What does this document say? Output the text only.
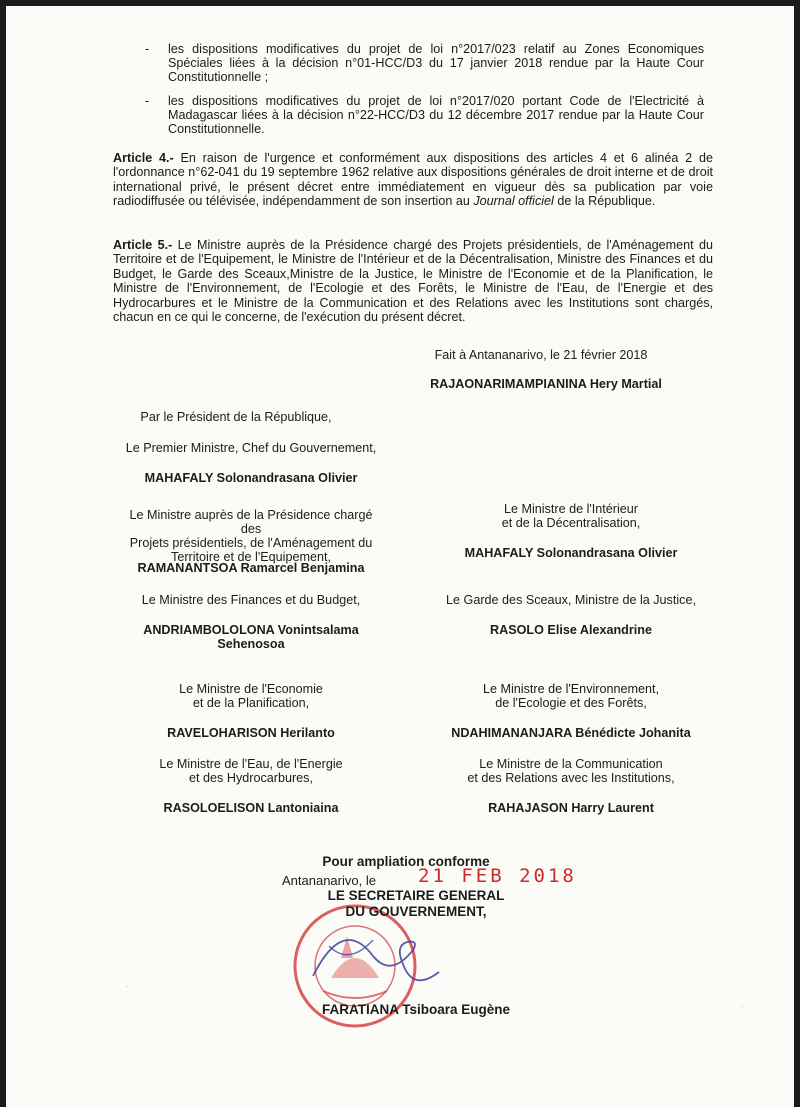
- les dispositions modificatives du projet de loi n°2017/023 relatif au Zones Economiques Spéciales liées à la décision n°01-HCC/D3 du 17 janvier 2018 rendue par la Haute Cour Constitutionnelle ;
- les dispositions modificatives du projet de loi n°2017/020 portant Code de l'Electricité à Madagascar liées à la décision n°22-HCC/D3 du 12 décembre 2017 rendue par la Haute Cour Constitutionnelle.
Article 4.- En raison de l'urgence et conformément aux dispositions des articles 4 et 6 alinéa 2 de l'ordonnance n°62-041 du 19 septembre 1962 relative aux dispositions générales de droit interne et de droit international privé, le présent décret entre immédiatement en vigueur dès sa publication par voie radiodiffusée ou télévisée, indépendamment de son insertion au Journal officiel de la République.
Article 5.- Le Ministre auprès de la Présidence chargé des Projets présidentiels, de l'Aménagement du Territoire et de l'Equipement, le Ministre de l'Intérieur et de la Décentralisation, Ministre des Finances et du Budget, le Garde des Sceaux,Ministre de la Justice, le Ministre de l'Economie et de la Planification, le Ministre de l'Environnement, de l'Ecologie et des Forêts, le Ministre de l'Eau, de l'Energie et des Hydrocarbures et le Ministre de la Communication et des Relations avec les Institutions sont chargés, chacun en ce qui le concerne, de l'exécution du présent décret.
Fait à Antananarivo, le 21 février 2018
RAJAONARIMAMPIANINA Hery Martial
Par le Président de la République,
Le Premier Ministre, Chef du Gouvernement,
MAHAFALY Solonandrasana Olivier
Le Ministre auprès de la Présidence chargé des
Projets présidentiels, de l'Aménagement du
Territoire et de l'Equipement,
RAMANANTSOA Ramarcel Benjamina
Le Ministre de l'Intérieur
et de la Décentralisation,
MAHAFALY Solonandrasana Olivier
Le Ministre des Finances et du Budget,
ANDRIAMBOLOLONA Vonintsalama
Sehenosoa
Le Garde des Sceaux, Ministre de la Justice,
RASOLO Elise Alexandrine
Le Ministre de l'Economie
et de la Planification,
RAVELOHARISON Herilanto
Le Ministre de l'Environnement,
de l'Ecologie et des Forêts,
NDAHIMANANJARA Bénédicte Johanita
Le Ministre de l'Eau, de l'Energie
et des Hydrocarbures,
RASOLOELISON Lantoniaina
Le Ministre de la Communication
et des Relations avec les Institutions,
RAHAJASON Harry Laurent
Pour ampliation conforme
Antananarivo, le 21 FEB 2018
LE SECRETAIRE GENERAL
DU GOUVERNEMENT,
FARATIANA Tsiboara Eugène
·
·
